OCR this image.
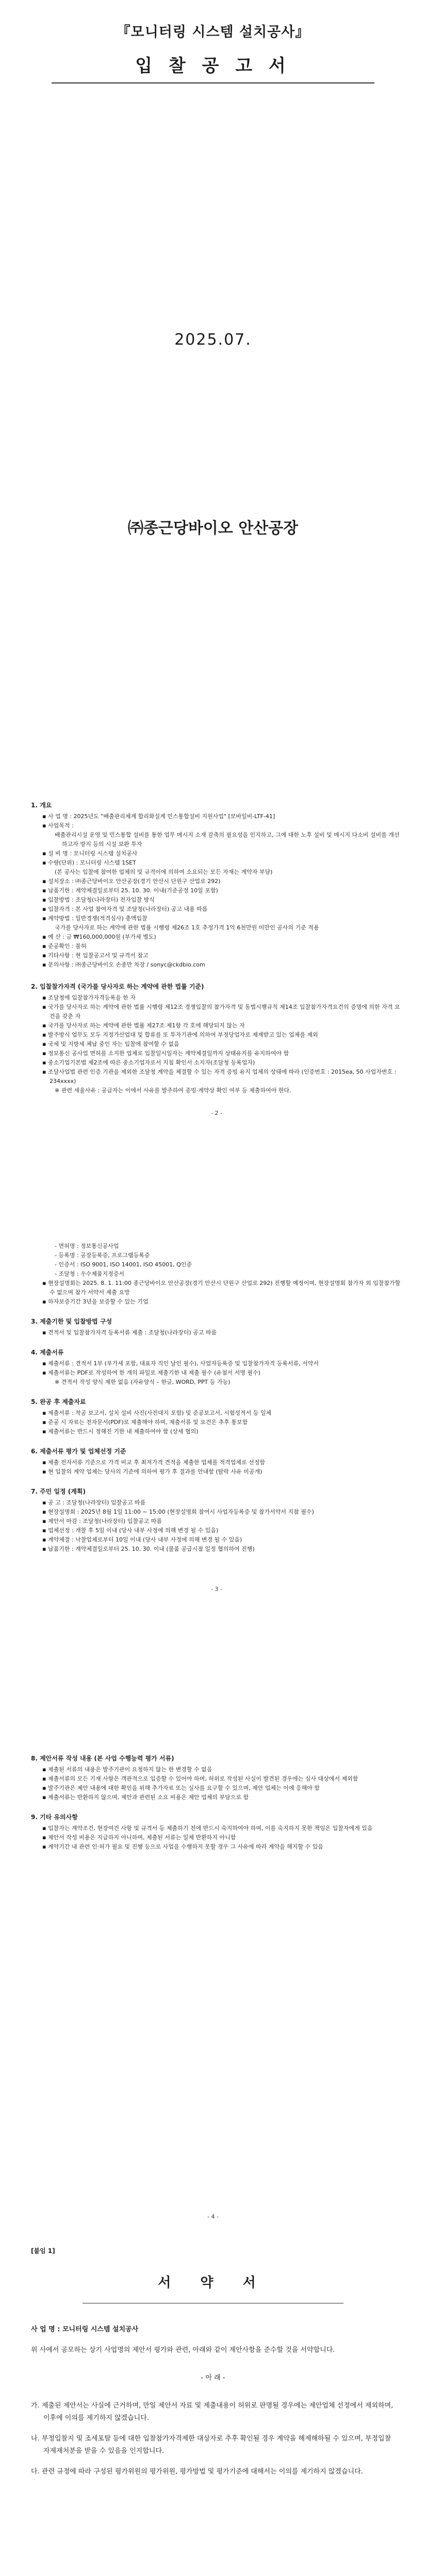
『모니터링 시스템 설치공사』
입 찰 공 고 서
2025.07.
㈜종근당바이오 안산공장
1. 개요
▪ 사 업 명 : 2025년도 "배출관리체계 합리화설계 민스통합설비 지원사업" [모바일비-LTF-41]
▪ 사업목적 :
배출관리시설 운영 및 민스통합 설비를 통한 업무 메시지 소재 감축의 필요성을 인지하고, 그에 대한 노후 설비 및 메시지 다소비 설비를 개선하고자 방지 등의 시설 보완 투자
▪ 설 비 명 : 모니터링 시스템 설치공사
▪ 수량(단위) : 모니터링 시스템 1SET
(본 공사는 입찰에 참여한 업체의 및 규격이에 의하여 소요되는 모든 자재는 계약자 부담)
▪ 설치장소 : ㈜종근당바이오 안산공장(경기 안산시 단원구 산업로 292)
▪ 납품기한 : 계약체결일로부터 25. 10. 30. 이내(기준공정 10일 포함)
▪ 입찰방법 : 조달청(나라장터) 전자입찰 방식
▪ 입찰자격 : 본 사업 참여자격 및 조달청(나라장터) 공고 내용 따름
▪ 계약방법 : 일반경쟁(적격심사) 총액입찰
국가를 당사자로 하는 계약에 관한 법률 시행령 제26조 1호 추정가격 1억 6천만원 미만인 공사의 기준 적용
▪ 예 산 : 금 ₩160,000,000원 (부가세 별도)
▪ 준공확인 : 불허
▪ 기타사항 : 현 입찰공고서 및 규격서 참고
▪ 문의사항 : ㈜종근당바이오 손종만 차장 / sonyc@ckdbio.com
2. 입찰참가자격 (국가를 당사자로 하는 계약에 관한 법률 기준)
▪ 조달청에 입찰참가자격등록을 한 자
▪ 국가를 당사자로 하는 계약에 관한 법률 시행령 제12조 경쟁입찰의 참가자격 및 동법시행규칙 제14조 입찰참가자격요건의 증명에 의한 자격 요건을 갖춘 자
▪ 국가를 당사자로 하는 계약에 관한 법률 제27조 제1항 각 호에 해당되지 않는 자
▪ 발주방식 업무도 모두 지정가산업대 및 합류를 또 투자기관에 의하여 부정당업자로 제재받고 있는 업체를 제외
▪ 국세 및 지방세 체납 중인 자는 입찰에 참여할 수 없음
▪ 정보통신 공사업 면허를 소지한 업체로 입찰일시일자는 계약체결일까지 상태유지를 유지하여야 함
▪ 중소기업기본법 제2조에 따른 중소기업자로서 지침 확인서 소지자(조달청 등록업자)
▪ 조달사업법 관련 인증 기관을 제외한 조달청 계약을 체결할 수 있는 자격 증빙 유지 업체의 상태에 따라 (인증번호 : 2015ea, 50 사업자번호 : 234xxxx)
※ 관련 세율사유 : 공급자는 이에서 사유를 발주하여 증빙·계약상 확인 여부 등 제출하여야 한다.
- 2 -
- 면허명 : 정보통신공사업
- 등록명 : 공장등록증, 프로그램등록증
- 인증서 : ISO 9001, ISO 14001, ISO 45001, Q인증
- 조달청 : 우수제품지정증서
▪ 현장설명회는 2025. 8. 1. 11:00 종근당바이오 안산공장(경기 안산시 단원구 산업로 292) 진행할 예정이며, 현장설명회 참가자 외 입찰참가할 수 없으며 참가 서약서 제출 요망
▪ 하자보증기간 3년을 보증할 수 있는 기업
3. 제출기한 및 입찰방법 구성
▪ 견적서 및 입찰참가자격 등록서류 제출 : 조달청(나라장터) 공고 따름
4. 제출서류
▪ 제출서류 : 견적서 1부 (부가세 포함, 대표자 직인 날인 필수), 사업자등록증 및 입찰참가자격 등록서류, 서약서
▪ 제출서류는 PDF로 작성하여 한 개의 파일로 제출기한 내 제출 필수 (유첨서 서명 필수)
※ 견적서 작성 양식 제한 없음 (자유양식 – 한글, WORD, PPT 등 가능)
5. 완공 후 제출자료
▪ 제출서류 : 착공 보고서, 설치 설비 사진(사진대지 포함) 및 준공보고서, 시험성적서 등 일체
▪ 준공 시 자료는 전자문서(PDF)로 제출해야 하며, 제출서류 및 요건은 추후 통보함
▪ 제출서류는 반드시 정해진 기한 내 제출하여야 함 (상세 협의)
6. 제출서류 평가 및 업체선정 기준
▪ 제출 전자서류 기준으로 가격 비교 후 최저가격 견적을 제출한 업체를 적격업체로 선정함
▪ 현 입찰의 계약 업체는 당사의 기준에 의하여 평가 후 결과를 안내함 (탈락 사유 미공개)
7. 주민 일정 (계획)
▪ 공 고 : 조달청(나라장터) 입찰공고 따름
▪ 현장설명회 : 2025년 8월 1일 11:00 ~ 15:00 (현장설명회 참여시 사업자등록증 및 참가서약서 지참 필수)
▪ 제안서 마감 : 조달청(나라장터) 입찰공고 따름
▪ 업체선정 : 개찰 후 5일 이내 (당사 내부 사정에 의해 변경 될 수 있음)
▪ 계약체결 : 낙찰업체로부터 10일 이내 (당사 내부 사정에 의해 변경 될 수 있음)
▪ 납품기한 : 계약체결일로부터 25. 10. 30. 이내 (물품 공급시점 일정 협의하여 진행)
- 3 -
8. 제안서류 작성 내용 (본 사업 수행능력 평가 서류)
▪ 제출된 서류의 내용은 발주기관이 요청하지 않는 한 변경할 수 없음
▪ 제출서류의 모든 기재 사항은 객관적으로 입증할 수 있어야 하며, 허위로 작성된 사실이 발견된 경우에는 심사 대상에서 제외함
▪ 발주기관은 제안 내용에 대한 확인을 위해 추가자료 또는 실사를 요구할 수 있으며, 제안 업체는 이에 응해야 함
▪ 제출서류는 반환하지 않으며, 제안과 관련된 소요 비용은 제안 업체의 부담으로 함
9. 기타 유의사항
▪ 입찰자는 계약조건, 현장여건 사항 및 규격서 등 제출하기 전에 반드시 숙지하여야 하며, 이를 숙지하지 못한 책임은 입찰자에게 있음
▪ 제안서 작성 비용은 지급하지 아니하며, 제출된 서류는 일체 반환하지 아니함
▪ 계약기간 내 관련 인·허가 필요 및 진행 등으로 사업을 수행하지 못할 경우 그 사유에 따라 계약을 해지할 수 있음
- 4 -
[붙임 1]
서 약 서

사 업 명 : 모니터링 시스템 설치공사

위 사에서 공모하는 상기 사업명의 제안서 평가와 관련, 아래와 같이 제안사항을 준수할 것을 서약합니다.

- 아 래 -

가. 제출된 제안서는 사실에 근거하며, 만일 제안서 자료 및 제출내용이 허위로 판명될 경우에는 제안업체 선정에서 제외하며, 이후에 이의를 제기하지 않겠습니다.

나. 부정입찰지 및 조세포탈 등에 대한 입찰참가자격제한 대상자로 추후 확인될 경우 계약을 해제해하될 수 있으며, 부정입찰자제재처분을 받을 수 있음을 인지합니다.

다. 관련 규정에 따라 구성된 평가위원의 평가위원, 평가방법 및 평가기준에 대해서는 이의를 제기하지 않겠습니다.
